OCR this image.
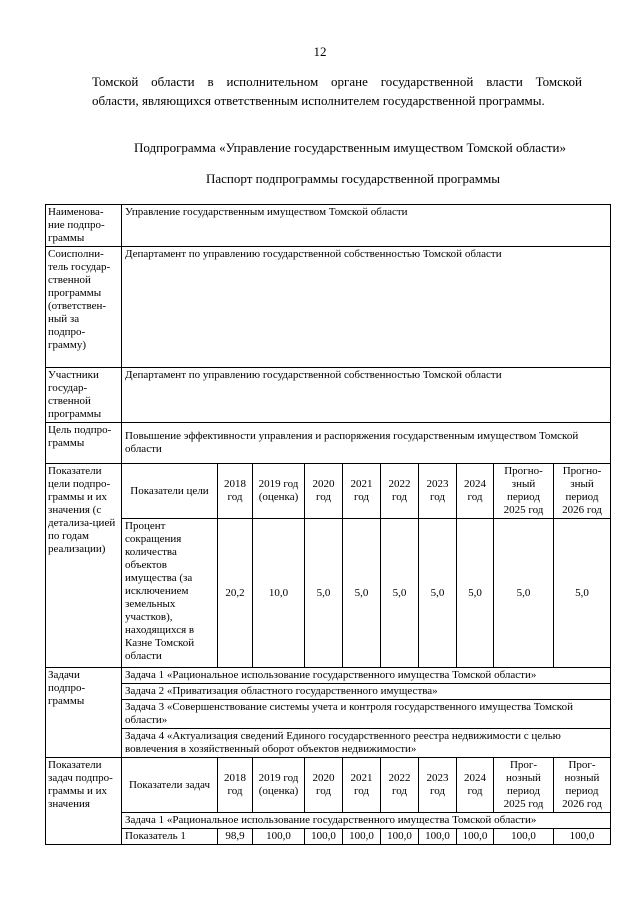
12
Томской области в исполнительном органе государственной власти Томской
области, являющихся ответственным исполнителем государственной программы.
Подпрограмма «Управление государственным имуществом Томской области»
Паспорт подпрограммы государственной программы
Наименова-ние подпро-граммы	Управление государственным имуществом Томской области									
Соисполни-тель государ-ственной программы (ответствен-ный за подпро-грамму)	Департамент по управлению государственной собственностью Томской области									
Участники государ-ственной программы	Департамент по управлению государственной собственностью Томской области									
Цель подпро-граммы	Повышение эффективности управления и распоряжения государственным имуществом Томской области									
Показатели цели подпро-граммы и их значения (с детализа-цией по годам реализации)	Показатели цели	2018 год	2019 год (оценка)	2020 год	2021 год	2022 год	2023 год	2024 год	Прогно-зный период 2025 год	Прогно-зный период 2026 год
	Процент сокращения количества объектов имущества (за исключением земельных участков), находящихся в Казне Томской области	20,2	10,0	5,0	5,0	5,0	5,0	5,0	5,0	5,0
Задачи подпро-граммы	Задача 1 «Рациональное использование государственного имущества Томской области»									
	Задача 2 «Приватизация областного государственного имущества»									
	Задача 3 «Совершенствование системы учета и контроля государственного имущества Томской области»									
	Задача 4 «Актуализация сведений Единого государственного реестра недвижимости с целью вовлечения в хозяйственный оборот объектов недвижимости»									
Показатели задач подпро-граммы и их значения	Показатели задач	2018 год	2019 год (оценка)	2020 год	2021 год	2022 год	2023 год	2024 год	Прог-нозный период 2025 год	Прог-нозный период 2026 год
	Задача 1 «Рациональное использование государственного имущества Томской области»									
	Показатель 1	98,9	100,0	100,0	100,0	100,0	100,0	100,0	100,0	100,0
